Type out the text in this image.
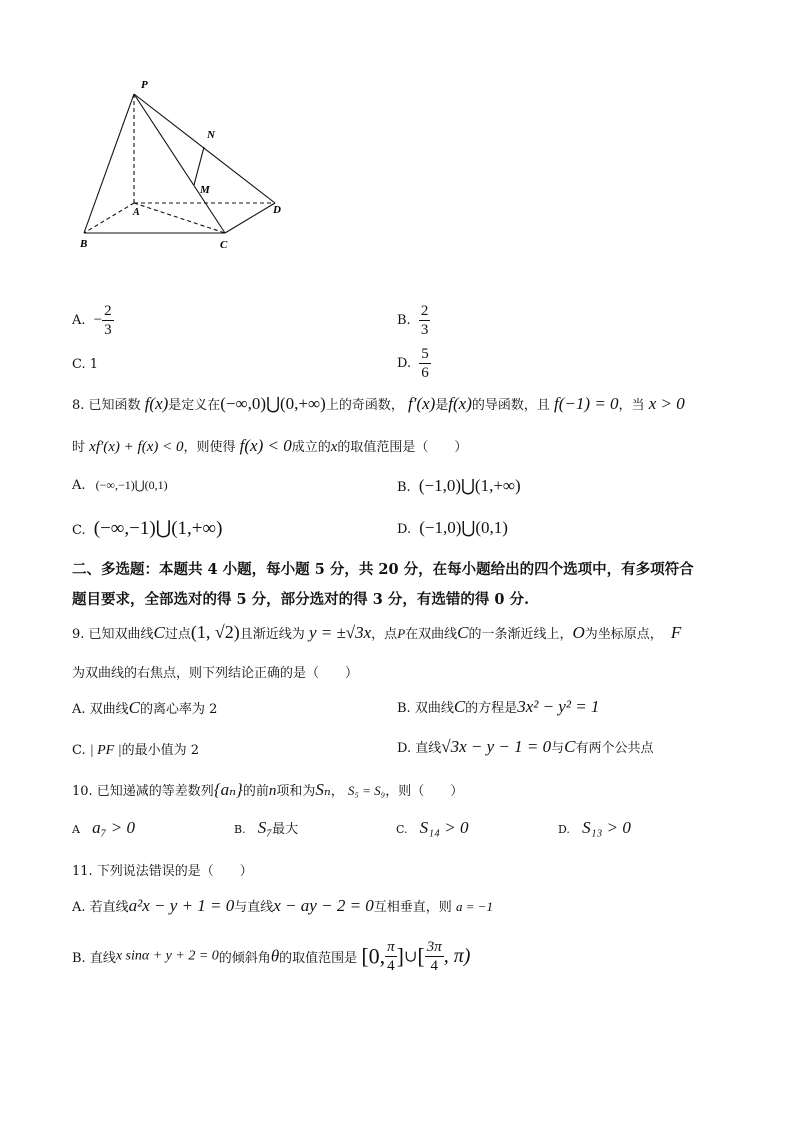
P
N
M
A	D
B	C
A. − $\frac{2}{3}$	B. $\frac{2}{3}$
C. 1	D. $\frac{5}{6}$
8. 已知函数 f(x)是定义在(−∞,0)⋃(0,+∞)上的奇函数， f′(x)是f(x)的导函数，且 f(−1) = 0，当 x > 0
时 xf′(x) + f(x) < 0，则使得 f(x) < 0成立的x的取值范围是（　　）
A. (−∞,−1)⋃(0,1)	B. (−1,0)⋃(1,+∞)
C. (−∞,−1)⋃(1,+∞)	D. (−1,0)⋃(0,1)
二、多选题：本题共 4 小题，每小题 5 分，共 20 分，在每小题给出的四个选项中，有多项符合
题目要求，全部选对的得 5 分，部分选对的得 3 分，有选错的得 0 分.
9. 已知双曲线C过点(1, √2)且渐近线为 y = ±√3x，点P在双曲线C的一条渐近线上，O为坐标原点， F
为双曲线的右焦点，则下列结论正确的是（　　）
A. 双曲线C的离心率为 2	B. 双曲线C的方程是3x² − y² = 1
C. | PF |的最小值为 2	D. 直线√3x − y − 1 = 0与C有两个公共点
10. 已知递减的等差数列{aₙ}的前n项和为Sₙ， S₅ = S₉，则（　　）
A a₇ > 0	B. S₇最大	C. S₁₄ > 0	D. S₁₃ > 0
11. 下列说法错误的是（　　）
A. 若直线a²x − y + 1 = 0与直线x − ay − 2 = 0互相垂直，则 a = −1
B. 直线x sinα + y + 2 = 0的倾斜角θ的取值范围是 [0, $\frac{\pi}{4}$ ]∪[ $\frac{3\pi}{4}$ , π)
